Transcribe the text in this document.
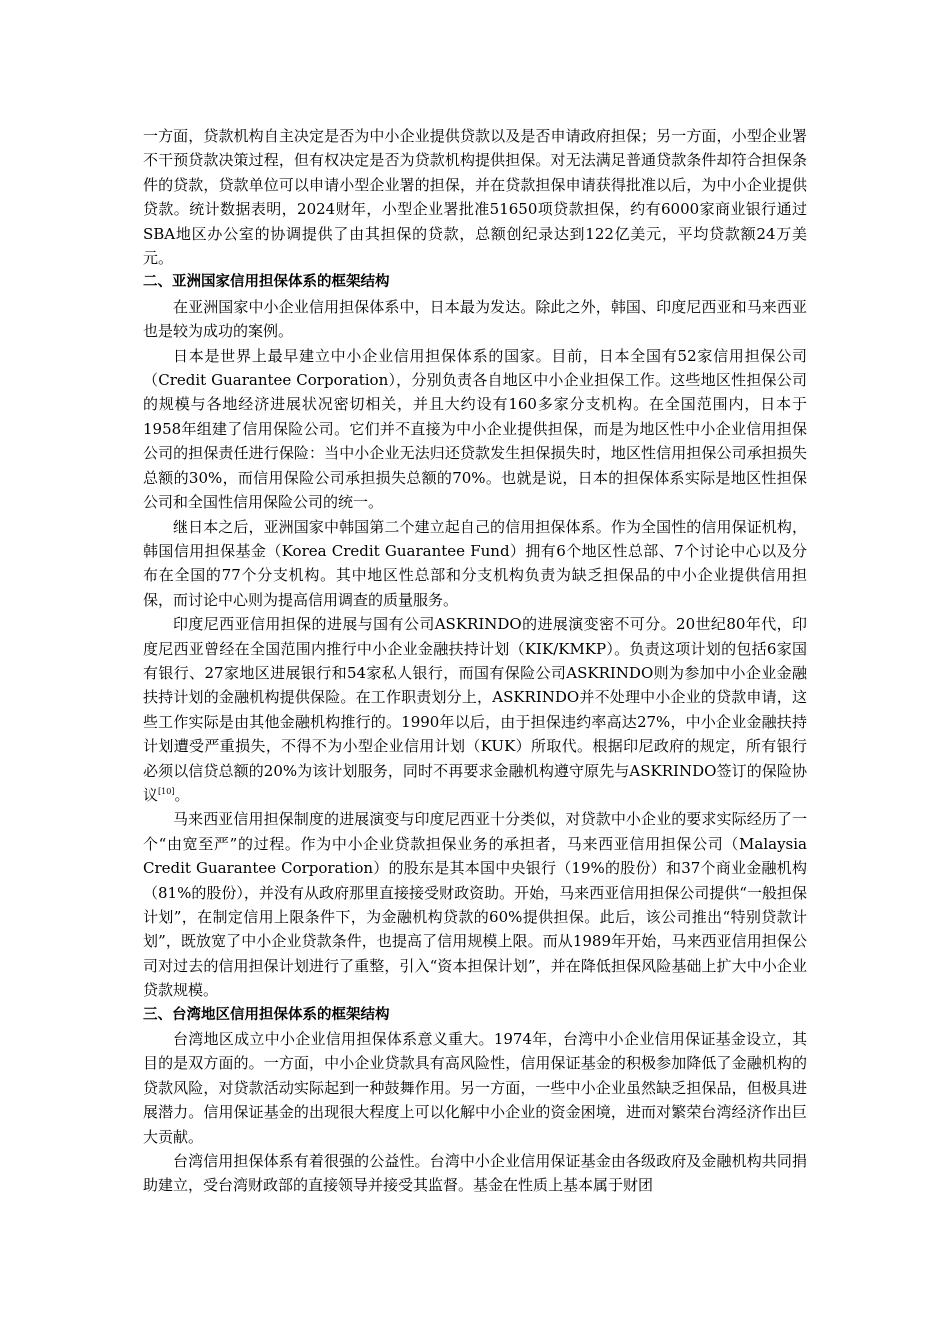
一方面，贷款机构自主决定是否为中小企业提供贷款以及是否申请政府担保；另一方面，小型企业署不干预贷款决策过程，但有权决定是否为贷款机构提供担保。对无法满足普通贷款条件却符合担保条件的贷款，贷款单位可以申请小型企业署的担保，并在贷款担保申请获得批准以后，为中小企业提供贷款。统计数据表明，2024财年，小型企业署批准51650项贷款担保，约有6000家商业银行通过SBA地区办公室的协调提供了由其担保的贷款，总额创纪录达到122亿美元，平均贷款额24万美元。

二、亚洲国家信用担保体系的框架结构

在亚洲国家中小企业信用担保体系中，日本最为发达。除此之外，韩国、印度尼西亚和马来西亚也是较为成功的案例。

日本是世界上最早建立中小企业信用担保体系的国家。目前，日本全国有52家信用担保公司（Credit Guarantee Corporation），分别负责各自地区中小企业担保工作。这些地区性担保公司的规模与各地经济进展状况密切相关，并且大约设有160多家分支机构。在全国范围内，日本于1958年组建了信用保险公司。它们并不直接为中小企业提供担保，而是为地区性中小企业信用担保公司的担保责任进行保险：当中小企业无法归还贷款发生担保损失时，地区性信用担保公司承担损失总额的30%，而信用保险公司承担损失总额的70%。也就是说，日本的担保体系实际是地区性担保公司和全国性信用保险公司的统一。

继日本之后，亚洲国家中韩国第二个建立起自己的信用担保体系。作为全国性的信用保证机构，韩国信用担保基金（Korea Credit Guarantee Fund）拥有6个地区性总部、7个讨论中心以及分布在全国的77个分支机构。其中地区性总部和分支机构负责为缺乏担保品的中小企业提供信用担保，而讨论中心则为提高信用调查的质量服务。

印度尼西亚信用担保的进展与国有公司ASKRINDO的进展演变密不可分。20世纪80年代，印度尼西亚曾经在全国范围内推行中小企业金融扶持计划（KIK/KMKP）。负责这项计划的包括6家国有银行、27家地区进展银行和54家私人银行，而国有保险公司ASKRINDO则为参加中小企业金融扶持计划的金融机构提供保险。在工作职责划分上，ASKRINDO并不处理中小企业的贷款申请，这些工作实际是由其他金融机构推行的。1990年以后，由于担保违约率高达27%，中小企业金融扶持计划遭受严重损失，不得不为小型企业信用计划（KUK）所取代。根据印尼政府的规定，所有银行必须以信贷总额的20%为该计划服务，同时不再要求金融机构遵守原先与ASKRINDO签订的保险协议[10]。

马来西亚信用担保制度的进展演变与印度尼西亚十分类似，对贷款中小企业的要求实际经历了一个“由宽至严”的过程。作为中小企业贷款担保业务的承担者，马来西亚信用担保公司（Malaysia Credit Guarantee Corporation）的股东是其本国中央银行（19%的股份）和37个商业金融机构（81%的股份），并没有从政府那里直接接受财政资助。开始，马来西亚信用担保公司提供“一般担保计划”，在制定信用上限条件下，为金融机构贷款的60%提供担保。此后，该公司推出“特别贷款计划”，既放宽了中小企业贷款条件，也提高了信用规模上限。而从1989年开始，马来西亚信用担保公司对过去的信用担保计划进行了重整，引入“资本担保计划”，并在降低担保风险基础上扩大中小企业贷款规模。

三、台湾地区信用担保体系的框架结构

台湾地区成立中小企业信用担保体系意义重大。1974年，台湾中小企业信用保证基金设立，其目的是双方面的。一方面，中小企业贷款具有高风险性，信用保证基金的积极参加降低了金融机构的贷款风险，对贷款活动实际起到一种鼓舞作用。另一方面，一些中小企业虽然缺乏担保品，但极具进展潜力。信用保证基金的出现很大程度上可以化解中小企业的资金困境，进而对繁荣台湾经济作出巨大贡献。

台湾信用担保体系有着很强的公益性。台湾中小企业信用保证基金由各级政府及金融机构共同捐助建立，受台湾财政部的直接领导并接受其监督。基金在性质上基本属于财团
